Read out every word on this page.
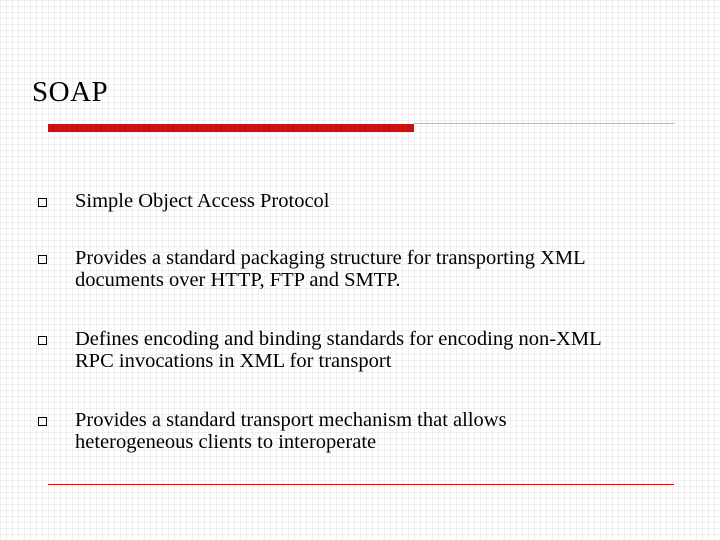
SOAP
Simple Object Access Protocol
Provides a standard packaging structure for transporting XML
documents over HTTP, FTP and SMTP.
Defines encoding and binding standards for encoding non-XML
RPC invocations in XML for transport
Provides a standard transport mechanism that allows
heterogeneous clients to interoperate
